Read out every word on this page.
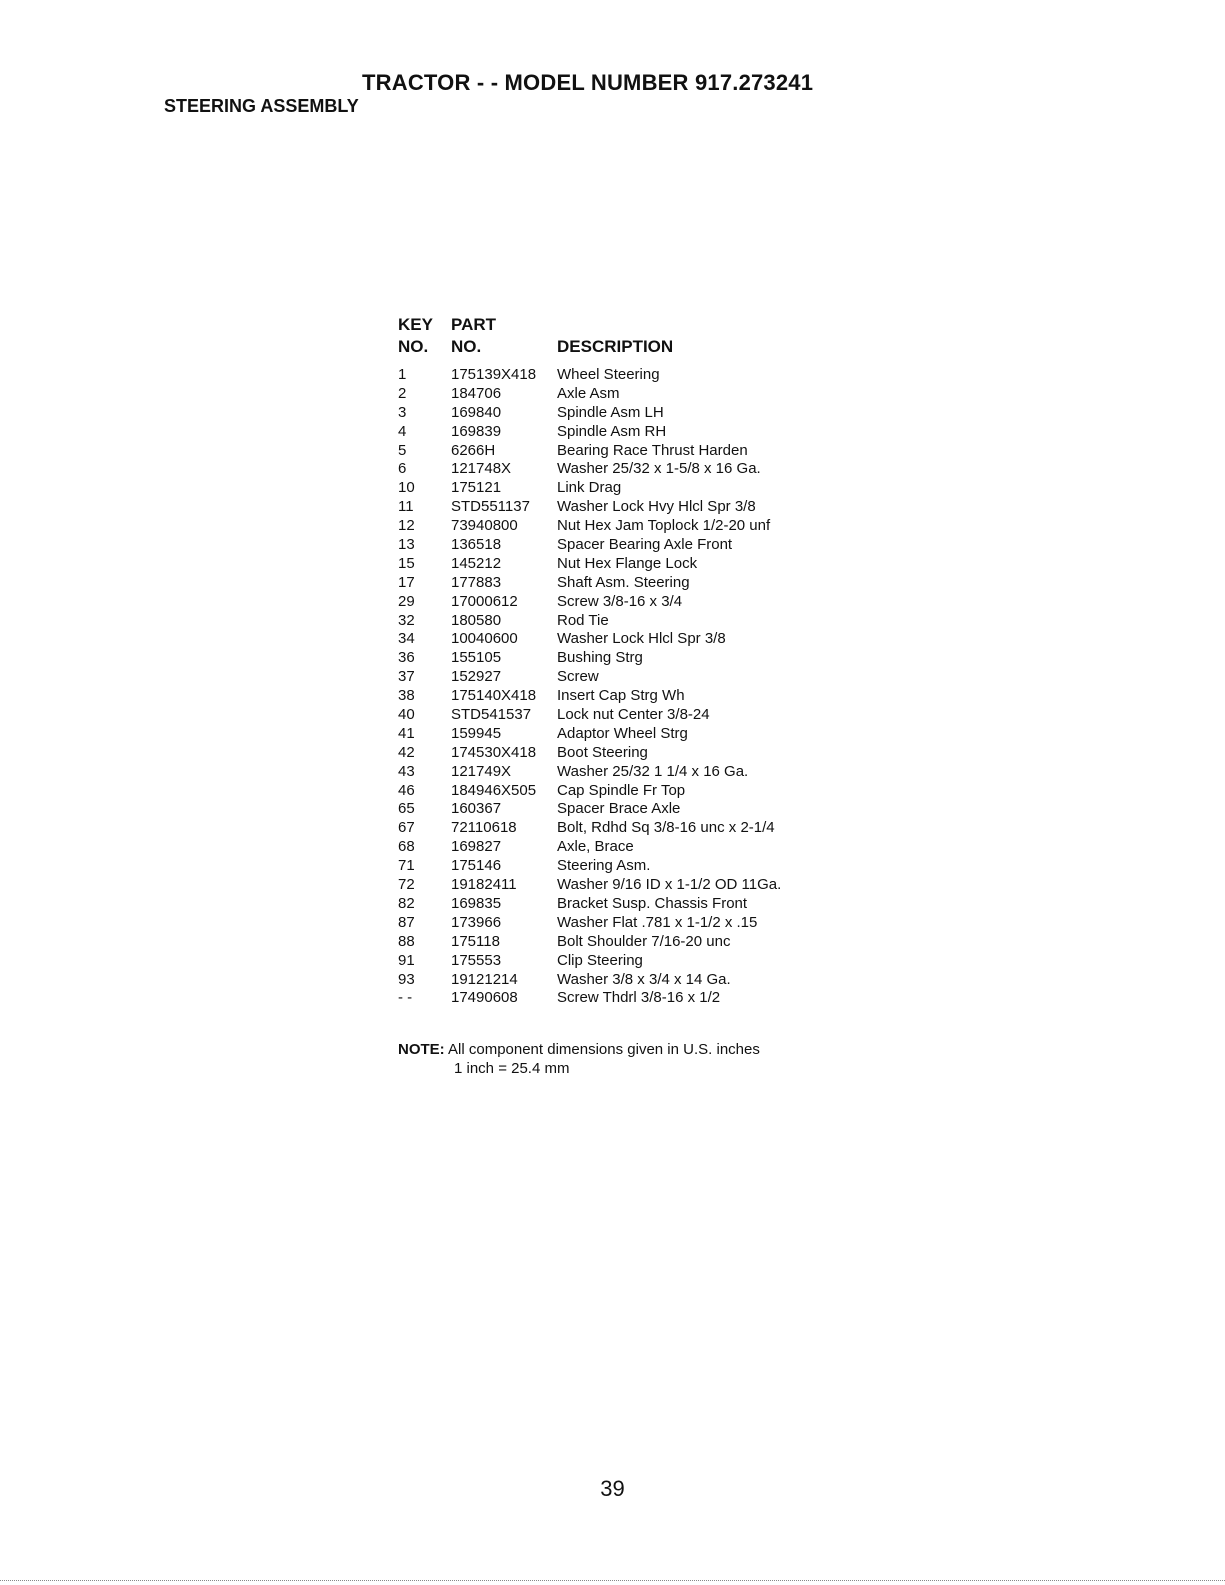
TRACTOR - - MODEL NUMBER 917.273241
STEERING ASSEMBLY
KEY	PART
NO.	NO.	DESCRIPTION
1	175139X418	Wheel Steering
2	184706	Axle Asm
3	169840	Spindle Asm LH
4	169839	Spindle Asm RH
5	6266H	Bearing Race Thrust Harden
6	121748X	Washer 25/32 x 1-5/8 x 16 Ga.
10	175121	Link Drag
11	STD551137	Washer Lock Hvy Hlcl Spr 3/8
12	73940800	Nut Hex Jam Toplock 1/2-20 unf
13	136518	Spacer Bearing Axle Front
15	145212	Nut Hex Flange Lock
17	177883	Shaft Asm. Steering
29	17000612	Screw 3/8-16 x 3/4
32	180580	Rod Tie
34	10040600	Washer Lock Hlcl Spr 3/8
36	155105	Bushing Strg
37	152927	Screw
38	175140X418	Insert Cap Strg Wh
40	STD541537	Lock nut Center 3/8-24
41	159945	Adaptor Wheel Strg
42	174530X418	Boot Steering
43	121749X	Washer 25/32 1 1/4 x 16 Ga.
46	184946X505	Cap Spindle Fr Top
65	160367	Spacer Brace Axle
67	72110618	Bolt, Rdhd Sq 3/8-16 unc x 2-1/4
68	169827	Axle, Brace
71	175146	Steering Asm.
72	19182411	Washer 9/16 ID x 1-1/2 OD 11Ga.
82	169835	Bracket Susp. Chassis Front
87	173966	Washer Flat .781 x 1-1/2 x .15
88	175118	Bolt Shoulder 7/16-20 unc
91	175553	Clip Steering
93	19121214	Washer 3/8 x 3/4 x 14 Ga.
- -	17490608	Screw Thdrl 3/8-16 x 1/2
NOTE: All component dimensions given in U.S. inches
1 inch = 25.4 mm
39
